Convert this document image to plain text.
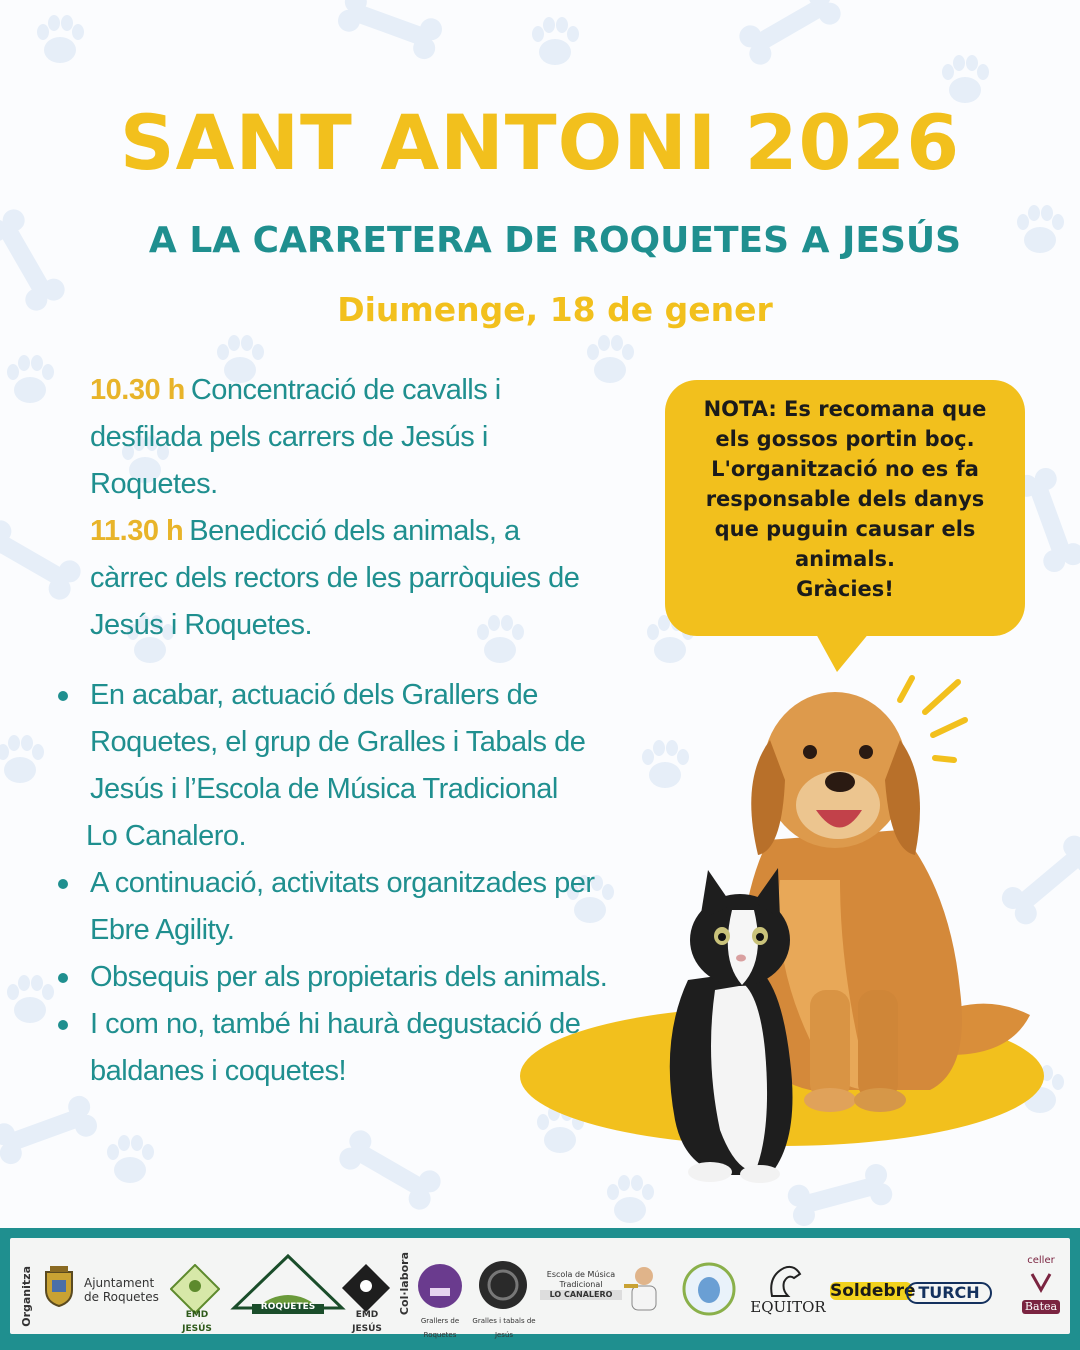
SANT ANTONI 2026
A LA CARRETERA DE ROQUETES A JESÚS
Diumenge, 18 de gener

10.30 h Concentració de cavalls i

desfilada pels carrers de Jesús i

Roquetes.

11.30 h Benedicció dels animals, a

càrrec dels rectors de les parròquies de

Jesús i Roquetes.

En acabar, actuació dels Grallers de
Roquetes, el grup de Gralles i Tabals de
Jesús i l’Escola de Música Tradicional
Lo Canalero.
A continuació, activitats organitzades per
Ebre Agility.
Obsequis per als propietaris dels animals.
I com no, també hi haurà degustació de
baldanes i coquetes!
NOTA: Es recomana que
els gossos portin boç.
L'organització no es fa
responsable dels danys
que puguin causar els
animals.
Gràcies!
Organitza	Ajuntament
de Roquetes
EMD JESÚS
ROQUETES
EMD JESÚS
Col·labora
Grallers de Roquetes
Gralles i tabals de Jesús
Escola de Música Tradicional
LO CANALERO
EQUITOR
Soldebre TURCH
celler
Batea
